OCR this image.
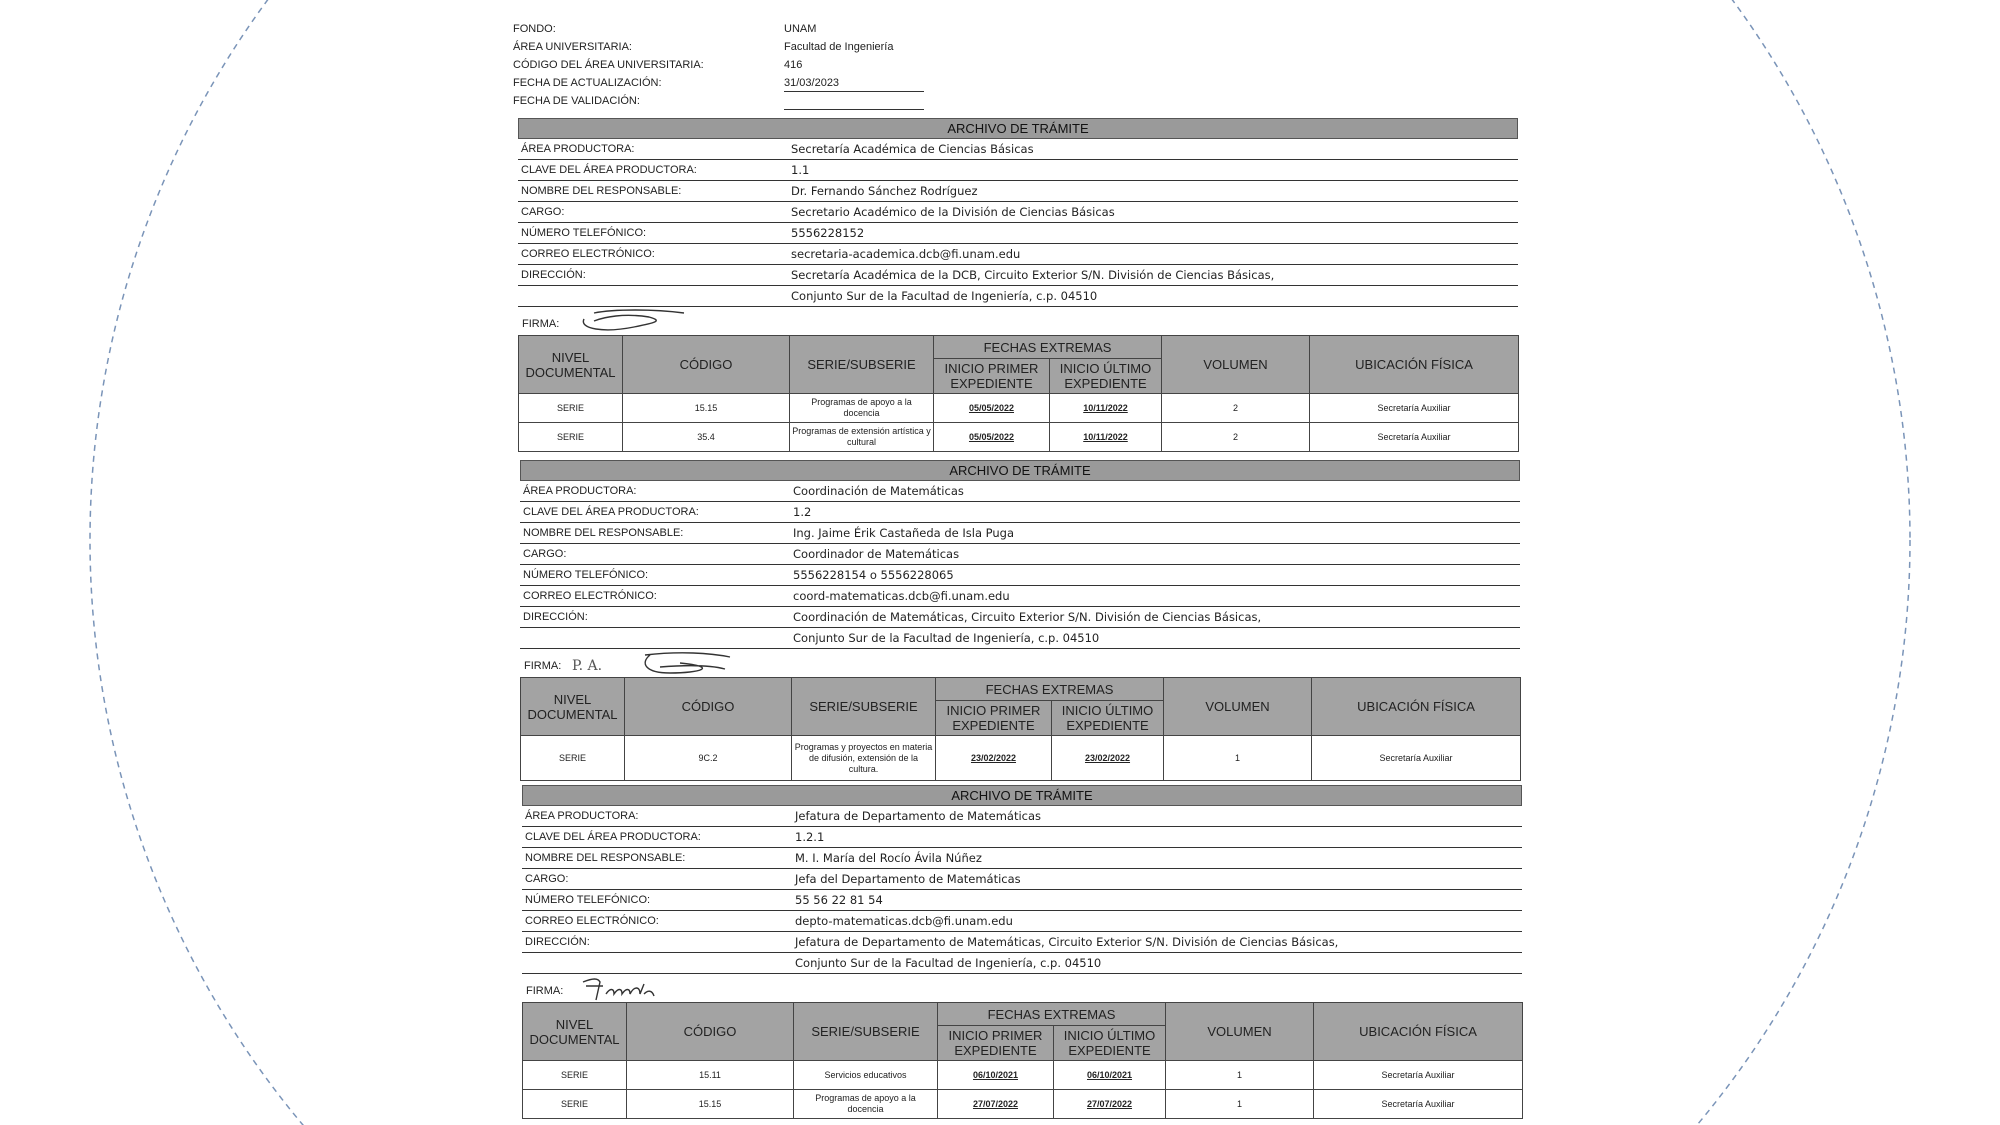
FONDO:	UNAM
ÁREA UNIVERSITARIA:	Facultad de Ingeniería
CÓDIGO DEL ÁREA UNIVERSITARIA:	416
FECHA DE ACTUALIZACIÓN:	31/03/2023
FECHA DE VALIDACIÓN:
ARCHIVO DE TRÁMITE
ÁREA PRODUCTORA:	Secretaría Académica de Ciencias Básicas
CLAVE DEL ÁREA PRODUCTORA:	1.1
NOMBRE DEL RESPONSABLE:	Dr. Fernando Sánchez Rodríguez
CARGO:	Secretario Académico de la División de Ciencias Básicas
NÚMERO TELEFÓNICO:	5556228152
CORREO ELECTRÓNICO:	secretaria-academica.dcb@fi.unam.edu
DIRECCIÓN:	Secretaría Académica de la DCB, Circuito Exterior S/N. División de Ciencias Básicas,
Conjunto Sur de la Facultad de Ingeniería, c.p. 04510
FIRMA:
NIVEL DOCUMENTAL	CÓDIGO	SERIE/SUBSERIE	FECHAS EXTREMAS		VOLUMEN	UBICACIÓN FÍSICA
			INICIO PRIMER EXPEDIENTE	INICIO ÚLTIMO EXPEDIENTE		
SERIE	15.15	Programas de apoyo a la docencia	05/05/2022	10/11/2022	2	Secretaría Auxiliar
SERIE	35.4	Programas de extensión artística y cultural	05/05/2022	10/11/2022	2	Secretaría Auxiliar
ARCHIVO DE TRÁMITE
ÁREA PRODUCTORA:	Coordinación de Matemáticas
CLAVE DEL ÁREA PRODUCTORA:	1.2
NOMBRE DEL RESPONSABLE:	Ing. Jaime Érik Castañeda de Isla Puga
CARGO:	Coordinador de Matemáticas
NÚMERO TELEFÓNICO:	5556228154 o 5556228065
CORREO ELECTRÓNICO:	coord-matematicas.dcb@fi.unam.edu
DIRECCIÓN:	Coordinación de Matemáticas, Circuito Exterior S/N. División de Ciencias Básicas,
Conjunto Sur de la Facultad de Ingeniería, c.p. 04510
FIRMA: P. A.
NIVEL DOCUMENTAL	CÓDIGO	SERIE/SUBSERIE	FECHAS EXTREMAS		VOLUMEN	UBICACIÓN FÍSICA
			INICIO PRIMER EXPEDIENTE	INICIO ÚLTIMO EXPEDIENTE		
SERIE	9C.2	Programas y proyectos en materia de difusión, extensión de la cultura.	23/02/2022	23/02/2022	1	Secretaría Auxiliar
ARCHIVO DE TRÁMITE
ÁREA PRODUCTORA:	Jefatura de Departamento de Matemáticas
CLAVE DEL ÁREA PRODUCTORA:	1.2.1
NOMBRE DEL RESPONSABLE:	M. I. María del Rocío Ávila Núñez
CARGO:	Jefa del Departamento de Matemáticas
NÚMERO TELEFÓNICO:	55 56 22 81 54
CORREO ELECTRÓNICO:	depto-matematicas.dcb@fi.unam.edu
DIRECCIÓN:	Jefatura de Departamento de Matemáticas, Circuito Exterior S/N. División de Ciencias Básicas,
Conjunto Sur de la Facultad de Ingeniería, c.p. 04510
FIRMA:
NIVEL DOCUMENTAL	CÓDIGO	SERIE/SUBSERIE	FECHAS EXTREMAS		VOLUMEN	UBICACIÓN FÍSICA
			INICIO PRIMER EXPEDIENTE	INICIO ÚLTIMO EXPEDIENTE		
SERIE	15.11	Servicios educativos	06/10/2021	06/10/2021	1	Secretaría Auxiliar
SERIE	15.15	Programas de apoyo a la docencia	27/07/2022	27/07/2022	1	Secretaría Auxiliar
